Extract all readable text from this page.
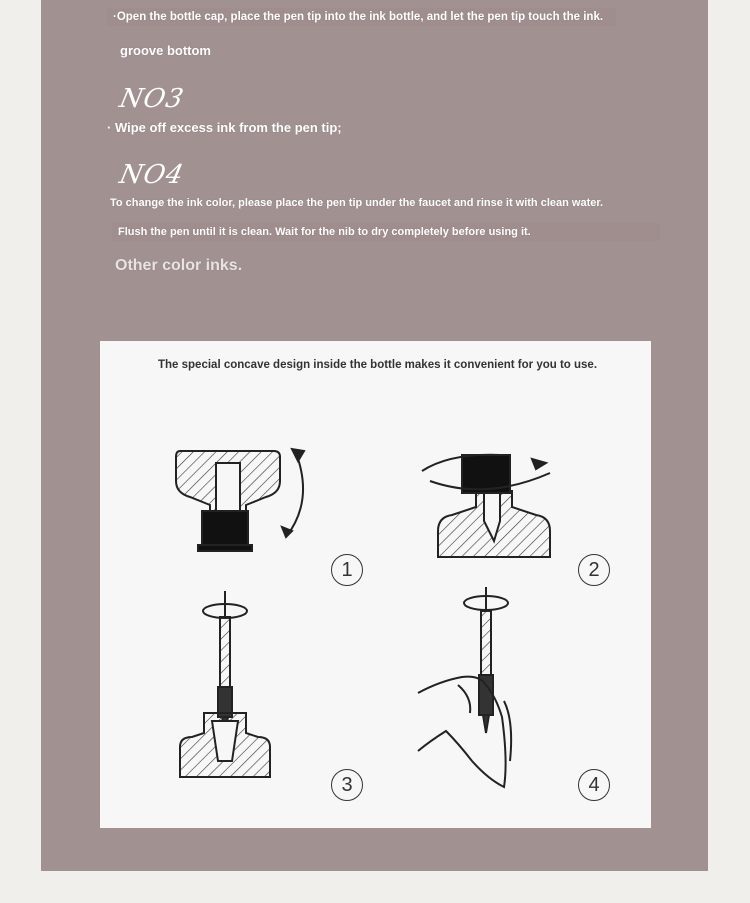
·Open the bottle cap, place the pen tip into the ink bottle, and let the pen tip touch the ink.
groove bottom
NO3
· Wipe off excess ink from the pen tip;
NO4
To change the ink color, please place the pen tip under the faucet and rinse it with clean water.
Flush the pen until it is clean. Wait for the nib to dry completely before using it.
Other color inks.
The special concave design inside the bottle makes it convenient for you to use.
1	2
3	4
